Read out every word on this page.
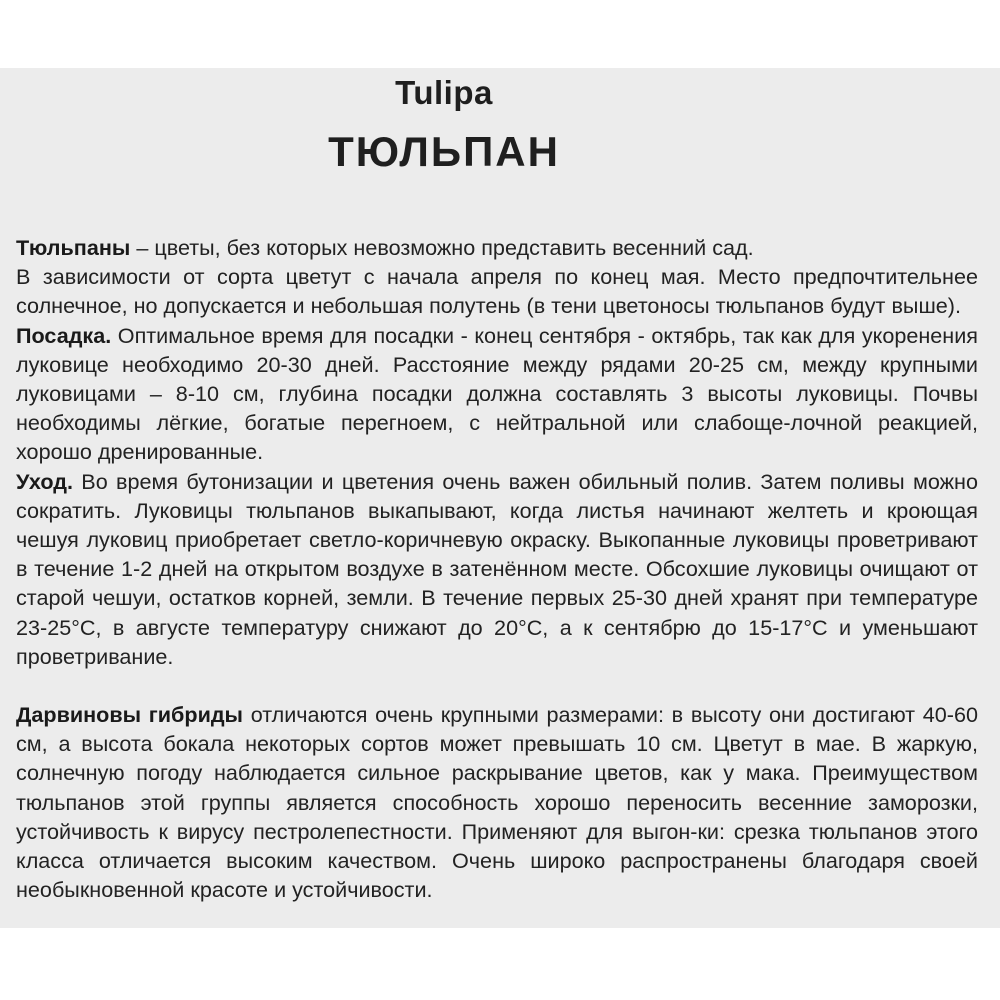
Tulipa
ТЮЛЬПАН

Тюльпаны – цветы, без которых невозможно представить весенний сад.

В зависимости от сорта цветут с начала апреля по конец мая. Место предпочтительнее солнечное, но допускается и небольшая полутень (в тени цветоносы тюльпанов будут выше).

Посадка. Оптимальное время для посадки - конец сентября - октябрь, так как для укоренения луковице необходимо 20-30 дней. Расстояние между рядами 20-25 см, между крупными луковицами – 8-10 см, глубина посадки должна составлять 3 высоты луковицы. Почвы необходимы лёгкие, богатые перегноем, с нейтральной или слабоще-лочной реакцией, хорошо дренированные.

Уход. Во время бутонизации и цветения очень важен обильный полив. Затем поливы можно сократить. Луковицы тюльпанов выкапывают, когда листья начинают желтеть и кроющая чешуя луковиц приобретает светло-коричневую окраску. Выкопанные луковицы проветривают в течение 1-2 дней на открытом воздухе в затенённом месте. Обсохшие луковицы очищают от старой чешуи, остатков корней, земли. В течение первых 25-30 дней хранят при температуре 23-25°С, в августе температуру снижают до 20°С, а к сентябрю до 15-17°С и уменьшают проветривание.

Дарвиновы гибриды отличаются очень крупными размерами: в высоту они достигают 40-60 см, а высота бокала некоторых сортов может превышать 10 см. Цветут в мае. В жаркую, солнечную погоду наблюдается сильное раскрывание цветов, как у мака. Преимуществом тюльпанов этой группы является способность хорошо переносить весенние заморозки, устойчивость к вирусу пестролепестности. Применяют для выгон-ки: срезка тюльпанов этого класса отличается высоким качеством. Очень широко распространены благодаря своей необыкновенной красоте и устойчивости.
